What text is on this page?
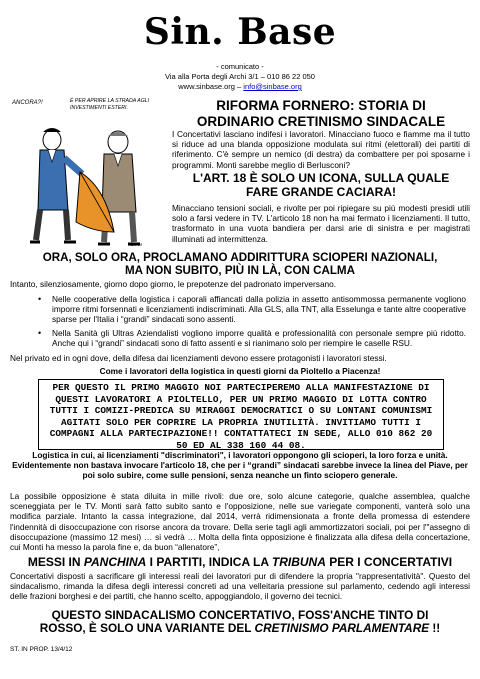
Sin. Base
- comunicato -
Via alla Porta degli Archi 3/1 – 010 86 22 050
www.sinbase.org – info@sinbase.org
ANCORA?!	È PER APRIRE LA STRADA AGLI INVESTIMENTI ESTERI.
ALTAN
RIFORMA FORNERO: STORIA DI
ORDINARIO CRETINISMO SINDACALE
I Concertativi lasciano indifesi i lavoratori. Minacciano fuoco e fiamme ma il tutto si riduce ad una blanda opposizione modulata sui ritmi (elettorali) dei partiti di riferimento. C'è sempre un nemico (di destra) da combattere per poi sposarne i programmi. Monti sarebbe meglio di Berlusconi?
L'ART. 18 È SOLO UN ICONA, SULLA QUALE
FARE GRANDE CACIARA!
Minacciano tensioni sociali, e rivolte per poi ripiegare su più modesti presidi utili solo a farsi vedere in TV. L'articolo 18 non ha mai fermato i licenziamenti. Il tutto, trasformato in una vuota bandiera per darsi arie di sinistra e per magistrati illuminati ad intermittenza.
ORA, SOLO ORA, PROCLAMANO ADDIRITTURA SCIOPERI NAZIONALI,
MA NON SUBITO, PIÙ IN LÀ, CON CALMA
Intanto, silenziosamente, giorno dopo giorno, le prepotenze del padronato imperversano.
• Nelle cooperative della logistica i caporali affiancati dalla polizia in assetto antisommossa permanente vogliono imporre ritmi forsennati e licenziamenti indiscriminati. Alla GLS, alla TNT, alla Esselunga e tante altre cooperative sparse per l'Italia i “grandi” sindacati sono assenti.
• Nella Sanità gli Ultras Aziendalisti vogliono imporre qualità e professionalità con personale sempre più ridotto. Anche qui i “grandi” sindacati sono di fatto assenti e si rianimano solo per riempire le caselle RSU.
Nel privato ed in ogni dove, della difesa dai licenziamenti devono essere protagonisti i lavoratori stessi.
Come i lavoratori della logistica in questi giorni da Pioltello a Piacenza!

PER QUESTO IL PRIMO MAGGIO NOI PARTECIPEREMO ALLA MANIFESTAZIONE DI QUESTI LAVORATORI A PIOLTELLO, PER UN PRIMO MAGGIO DI LOTTA CONTRO TUTTI I COMIZI-PREDICA SU MIRAGGI DEMOCRATICI O SU LONTANI COMUNISMI AGITATI SOLO PER COPRIRE LA PROPRIA INUTILITÀ. INVITIAMO TUTTI I COMPAGNI ALLA PARTECIPAZIONE!! CONTATTATECI IN SEDE, ALLO 010 862 20 50 ED AL 338 160 44 08.

Logistica in cui, ai licenziamenti "discriminatori", i lavoratori oppongono gli scioperi, la loro forza e unità. Evidentemente non bastava invocare l'articolo 18, che per i “grandi” sindacati sarebbe invece la linea del Piave, per poi solo subire, come sulle pensioni, senza neanche un finto sciopero generale.
La possibile opposizione è stata diluita in mille rivoli: due ore, solo alcune categorie, qualche assemblea, qualche sceneggiata per le TV. Monti sarà fatto subito santo e l'opposizione, nelle sue variegate componenti, vanterà solo una modifica parziale. Intanto la cassa integrazione, dal 2014, verrà ridimensionata a fronte della promessa di estendere l'indennità di disoccupazione con risorse ancora da trovare. Della serie tagli agli ammortizzatori sociali, poi per l'"assegno di disoccupazione (massimo 12 mesi) … si vedrà … Molta della finta opposizione è finalizzata alla difesa della concertazione, cui Monti ha messo la parola fine e, da buon “allenatore”,
MESSI IN PANCHINA I PARTITI, INDICA LA TRIBUNA PER I CONCERTATIVI
Concertativi disposti a sacrificare gli interessi reali dei lavoratori pur di difendere la propria "rappresentatività". Questo del sindacalismo, rimanda la difesa degli interessi concreti ad una velleitaria pressione sul parlamento, cedendo agli interessi delle frazioni borghesi e dei partiti, che hanno scelto, appoggiandolo, il governo dei tecnici.
QUESTO SINDACALISMO CONCERTATIVO, FOSS'ANCHE TINTO DI
ROSSO, È SOLO UNA VARIANTE DEL CRETINISMO PARLAMENTARE !!
ST. IN PROP. 13/4/12
